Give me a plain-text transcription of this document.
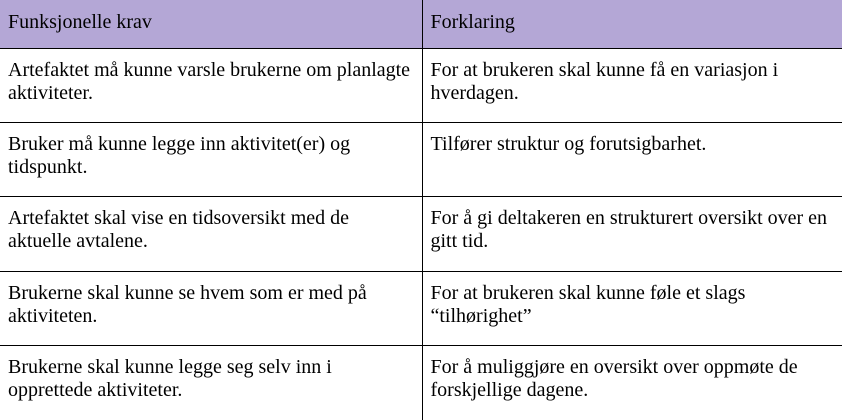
Funksjonelle krav	Forklaring
Artefaktet må kunne varsle brukerne om planlagte aktiviteter.	For at brukeren skal kunne få en variasjon i hverdagen.
Bruker må kunne legge inn aktivitet(er) og tidspunkt.	Tilfører struktur og forutsigbarhet.
Artefaktet skal vise en tidsoversikt med de aktuelle avtalene.	For å gi deltakeren en strukturert oversikt over en gitt tid.
Brukerne skal kunne se hvem som er med på aktiviteten.	For at brukeren skal kunne føle et slags “tilhørighet”
Brukerne skal kunne legge seg selv inn i opprettede aktiviteter.	For å muliggjøre en oversikt over oppmøte de forskjellige dagene.
